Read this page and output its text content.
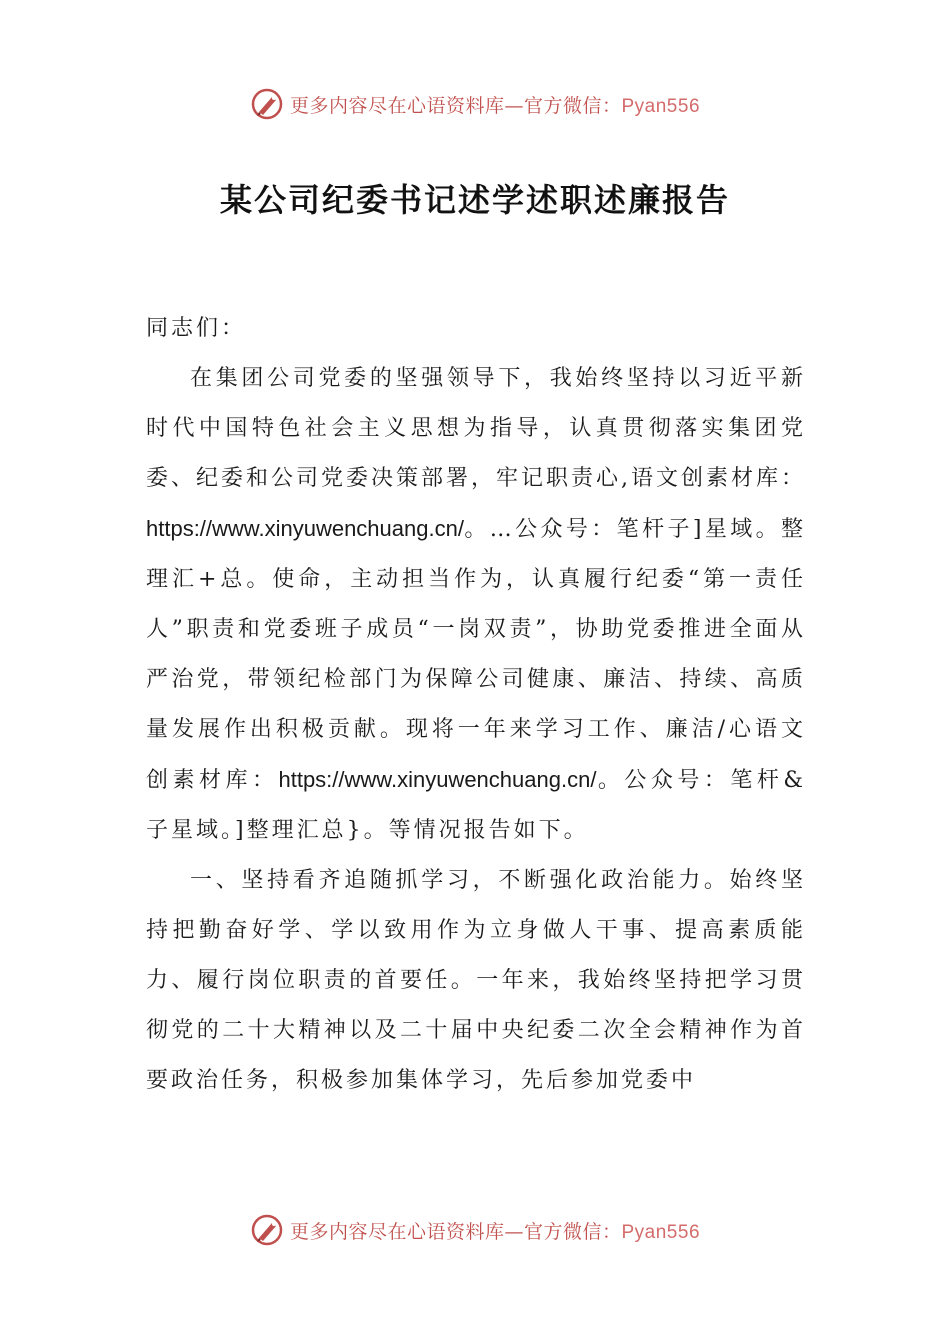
更多内容尽在心语资料库—官方微信：Pyan556
某公司纪委书记述学述职述廉报告

同志们：

在集团公司党委的坚强领导下，我始终坚持以习近平新时代中国特色社会主义思想为指导，认真贯彻落实集团党委、纪委和公司党委决策部署，牢记职责心,语文创素材库：https://www.xinyuwenchuang.cn/。…公众号：笔杆子]星域。整理汇+总。使命，主动担当作为，认真履行纪委“第一责任人”职责和党委班子成员“一岗双责”，协助党委推进全面从严治党，带领纪检部门为保障公司健康、廉洁、持续、高质量发展作出积极贡献。现将一年来学习工作、廉洁/心语文创素材库：https://www.xinyuwenchuang.cn/。公众号：笔杆&子星域。]整理汇总}。等情况报告如下。

一、坚持看齐追随抓学习，不断强化政治能力。始终坚持把勤奋好学、学以致用作为立身做人干事、提高素质能力、履行岗位职责的首要任。一年来，我始终坚持把学习贯彻党的二十大精神以及二十届中央纪委二次全会精神作为首要政治任务，积极参加集体学习，先后参加党委中

更多内容尽在心语资料库—官方微信：Pyan556
